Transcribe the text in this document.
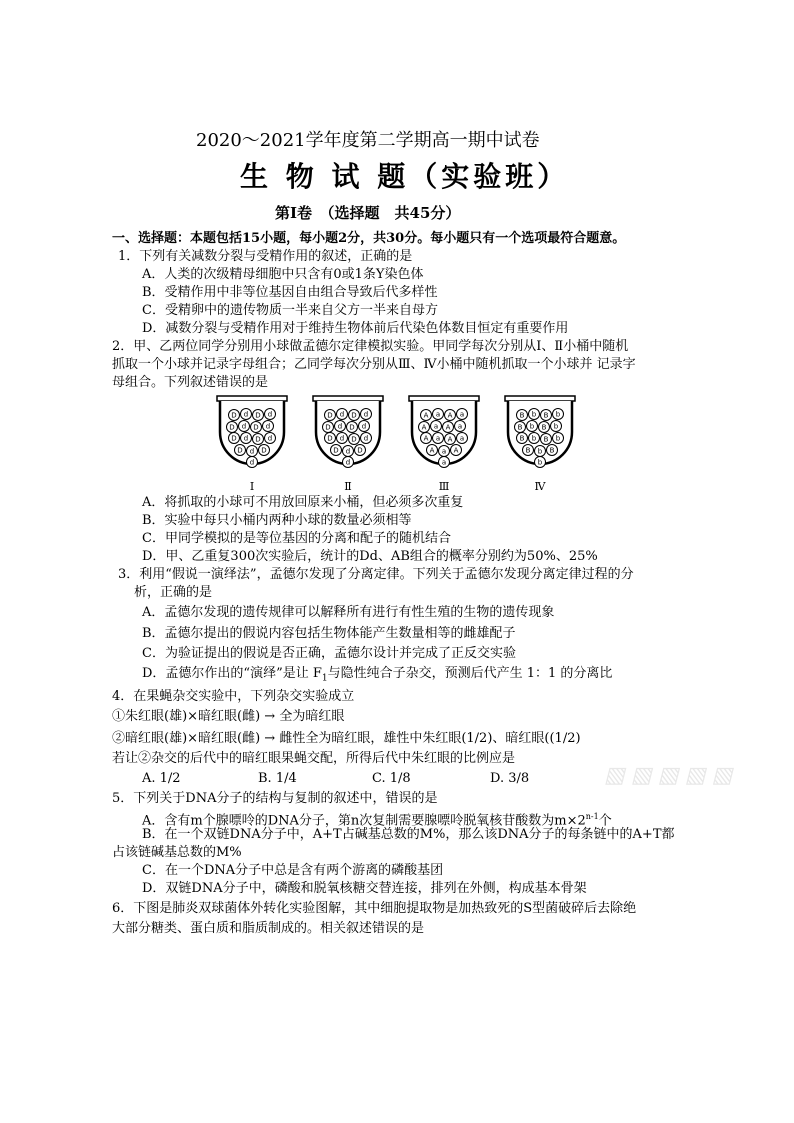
2020～2021学年度第二学期高一期中试卷
生 物 试 题（实验班）
第Ⅰ卷　（选择题　共45分）
一、选择题：本题包括15小题，每小题2分，共30分。每小题只有一个选项最符合题意。
1．下列有关减数分裂与受精作用的叙述，正确的是
A．人类的次级精母细胞中只含有0或1条Y染色体
B．受精作用中非等位基因自由组合导致后代多样性
C．受精卵中的遗传物质一半来自父方一半来自母方
D．减数分裂与受精作用对于维持生物体前后代染色体数目恒定有重要作用
2．甲、乙两位同学分别用小球做孟德尔定律模拟实验。甲同学每次分别从Ⅰ、Ⅱ小桶中随机
抓取一个小球并记录字母组合；乙同学每次分别从Ⅲ、Ⅳ小桶中随机抓取一个小球并 记录字
母组合。下列叙述错误的是
D d D d
D d D d
D d D d
D d D
d
Ⅰ
D d D d
D d D d
D d D d
D d D
d
Ⅱ
A a A a
A a A a
A a A a
A a A
a
Ⅲ
B b B b
B b B b
B b B b
B b B
b
Ⅳ
A．将抓取的小球可不用放回原来小桶，但必须多次重复
B．实验中每只小桶内两种小球的数量必须相等
C．甲同学模拟的是等位基因的分离和配子的随机结合
D．甲、乙重复300次实验后，统计的Dd、AB组合的概率分别约为50%、25%
3．利用“假说一演绎法”，孟德尔发现了分离定律。下列关于孟德尔发现分离定律过程的分
析，正确的是
A．孟德尔发现的遗传规律可以解释所有进行有性生殖的生物的遗传现象
B．孟德尔提出的假说内容包括生物体能产生数量相等的雌雄配子
C．为验证提出的假说是否正确，孟德尔设计并完成了正反交实验
D．孟德尔作出的“演绎”是让 $F_1$与隐性纯合子杂交，预测后代产生 1：1 的分离比
4．在果蝇杂交实验中，下列杂交实验成立
①朱红眼(雄)×暗红眼(雌) → 全为暗红眼
②暗红眼(雄)×暗红眼(雌) → 雌性全为暗红眼，雄性中朱红眼(1/2)、暗红眼((1/2)
若让②杂交的后代中的暗红眼果蝇交配，所得后代中朱红眼的比例应是
A. 1/2	B. 1/4	C. 1/8	D. 3/8	▧ ▧ ▧ ▧ ▧
5．下列关于DNA分子的结构与复制的叙述中，错误的是
A．含有m个腺嘌呤的DNA分子，第n次复制需要腺嘌呤脱氧核苷酸数为$m\times 2^{n-1}$个
B．在一个双链DNA分子中，A+T占碱基总数的M%，那么该DNA分子的每条链中的A+T都
占该链碱基总数的M%
C．在一个DNA分子中总是含有两个游离的磷酸基团
D．双链DNA分子中，磷酸和脱氧核糖交替连接，排列在外侧，构成基本骨架
6．下图是肺炎双球菌体外转化实验图解，其中细胞提取物是加热致死的S型菌破碎后去除绝
大部分糖类、蛋白质和脂质制成的。相关叙述错误的是
